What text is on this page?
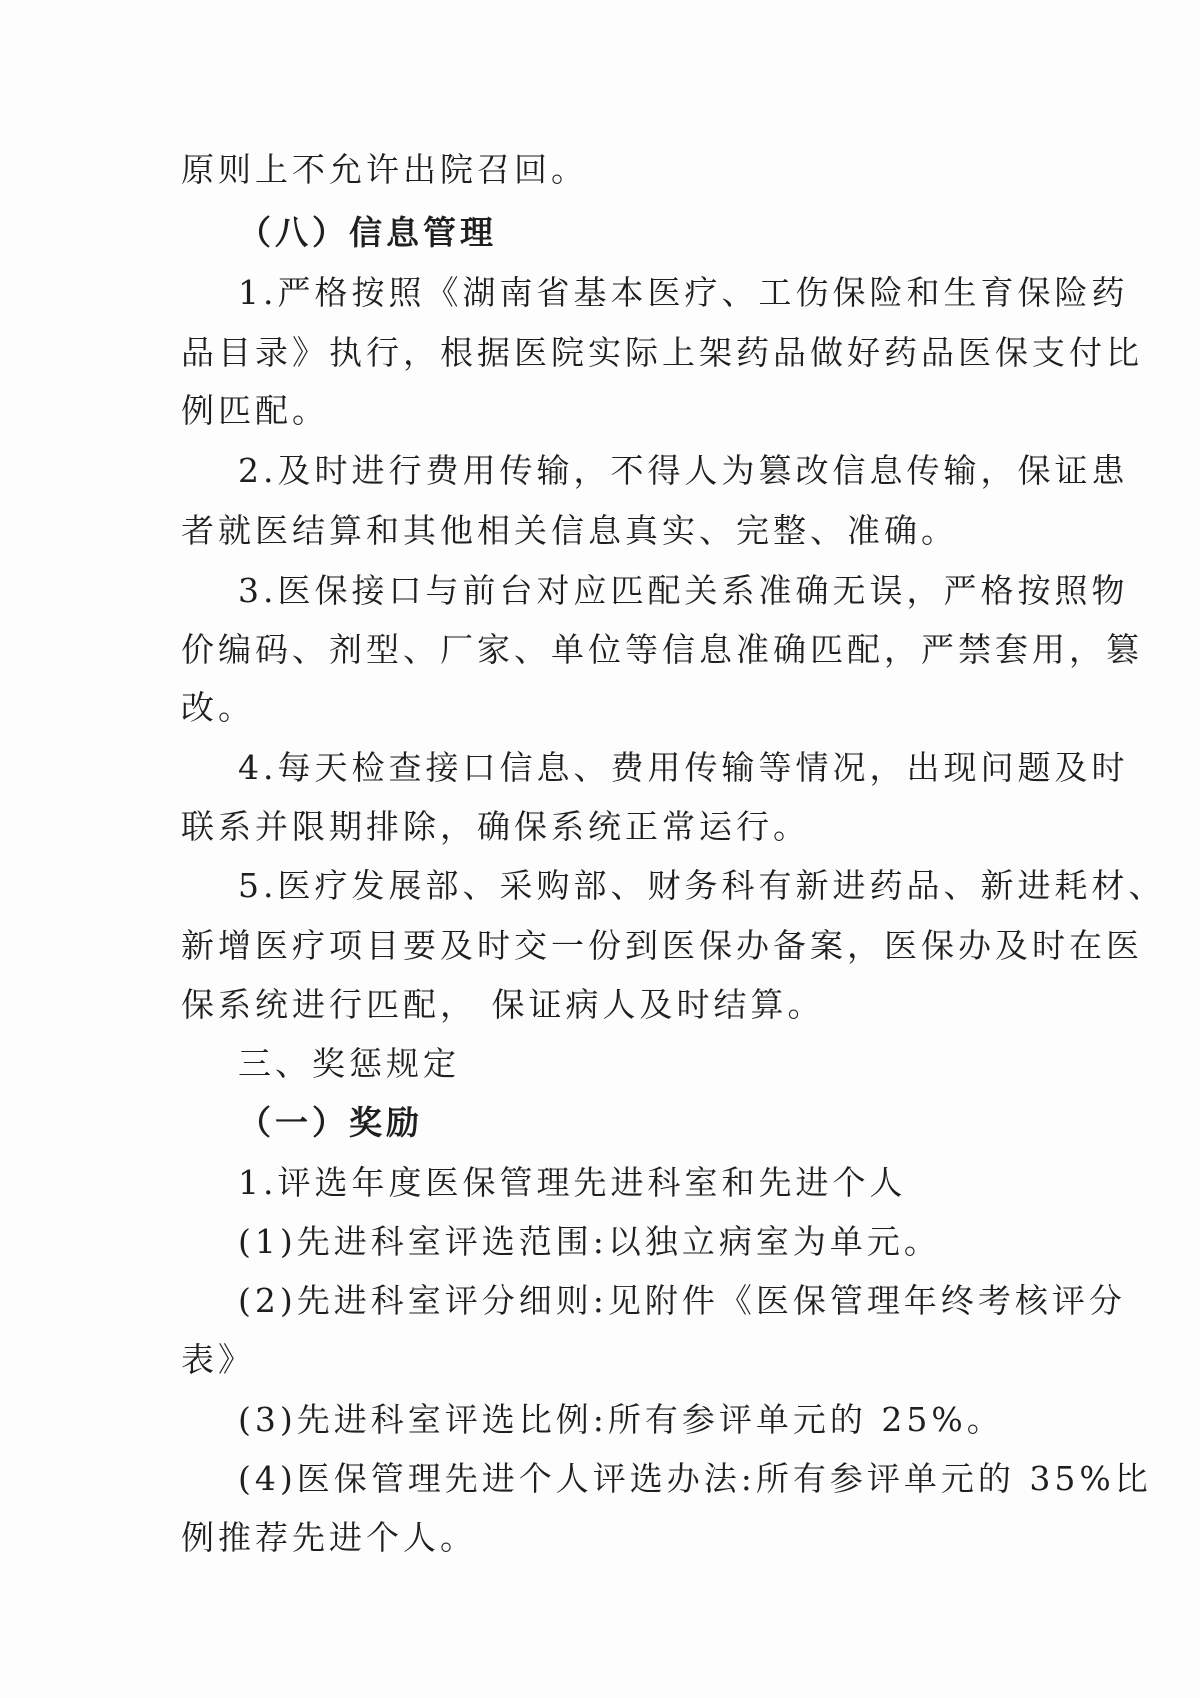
原则上不允许出院召回。
（八）信息管理
1.严格按照《湖南省基本医疗、工伤保险和生育保险药
品目录》执行，根据医院实际上架药品做好药品医保支付比
例匹配。
2.及时进行费用传输，不得人为篡改信息传输，保证患
者就医结算和其他相关信息真实、完整、准确。
3.医保接口与前台对应匹配关系准确无误，严格按照物
价编码、剂型、厂家、单位等信息准确匹配，严禁套用，篡
改。
4.每天检查接口信息、费用传输等情况，出现问题及时
联系并限期排除，确保系统正常运行。
5.医疗发展部、采购部、财务科有新进药品、新进耗材、
新增医疗项目要及时交一份到医保办备案，医保办及时在医
保系统进行匹配， 保证病人及时结算。
三、奖惩规定
（一）奖励
1.评选年度医保管理先进科室和先进个人
(1)先进科室评选范围:以独立病室为单元。
(2)先进科室评分细则:见附件《医保管理年终考核评分
表》
(3)先进科室评选比例:所有参评单元的 25%。
(4)医保管理先进个人评选办法:所有参评单元的 35%比
例推荐先进个人。
